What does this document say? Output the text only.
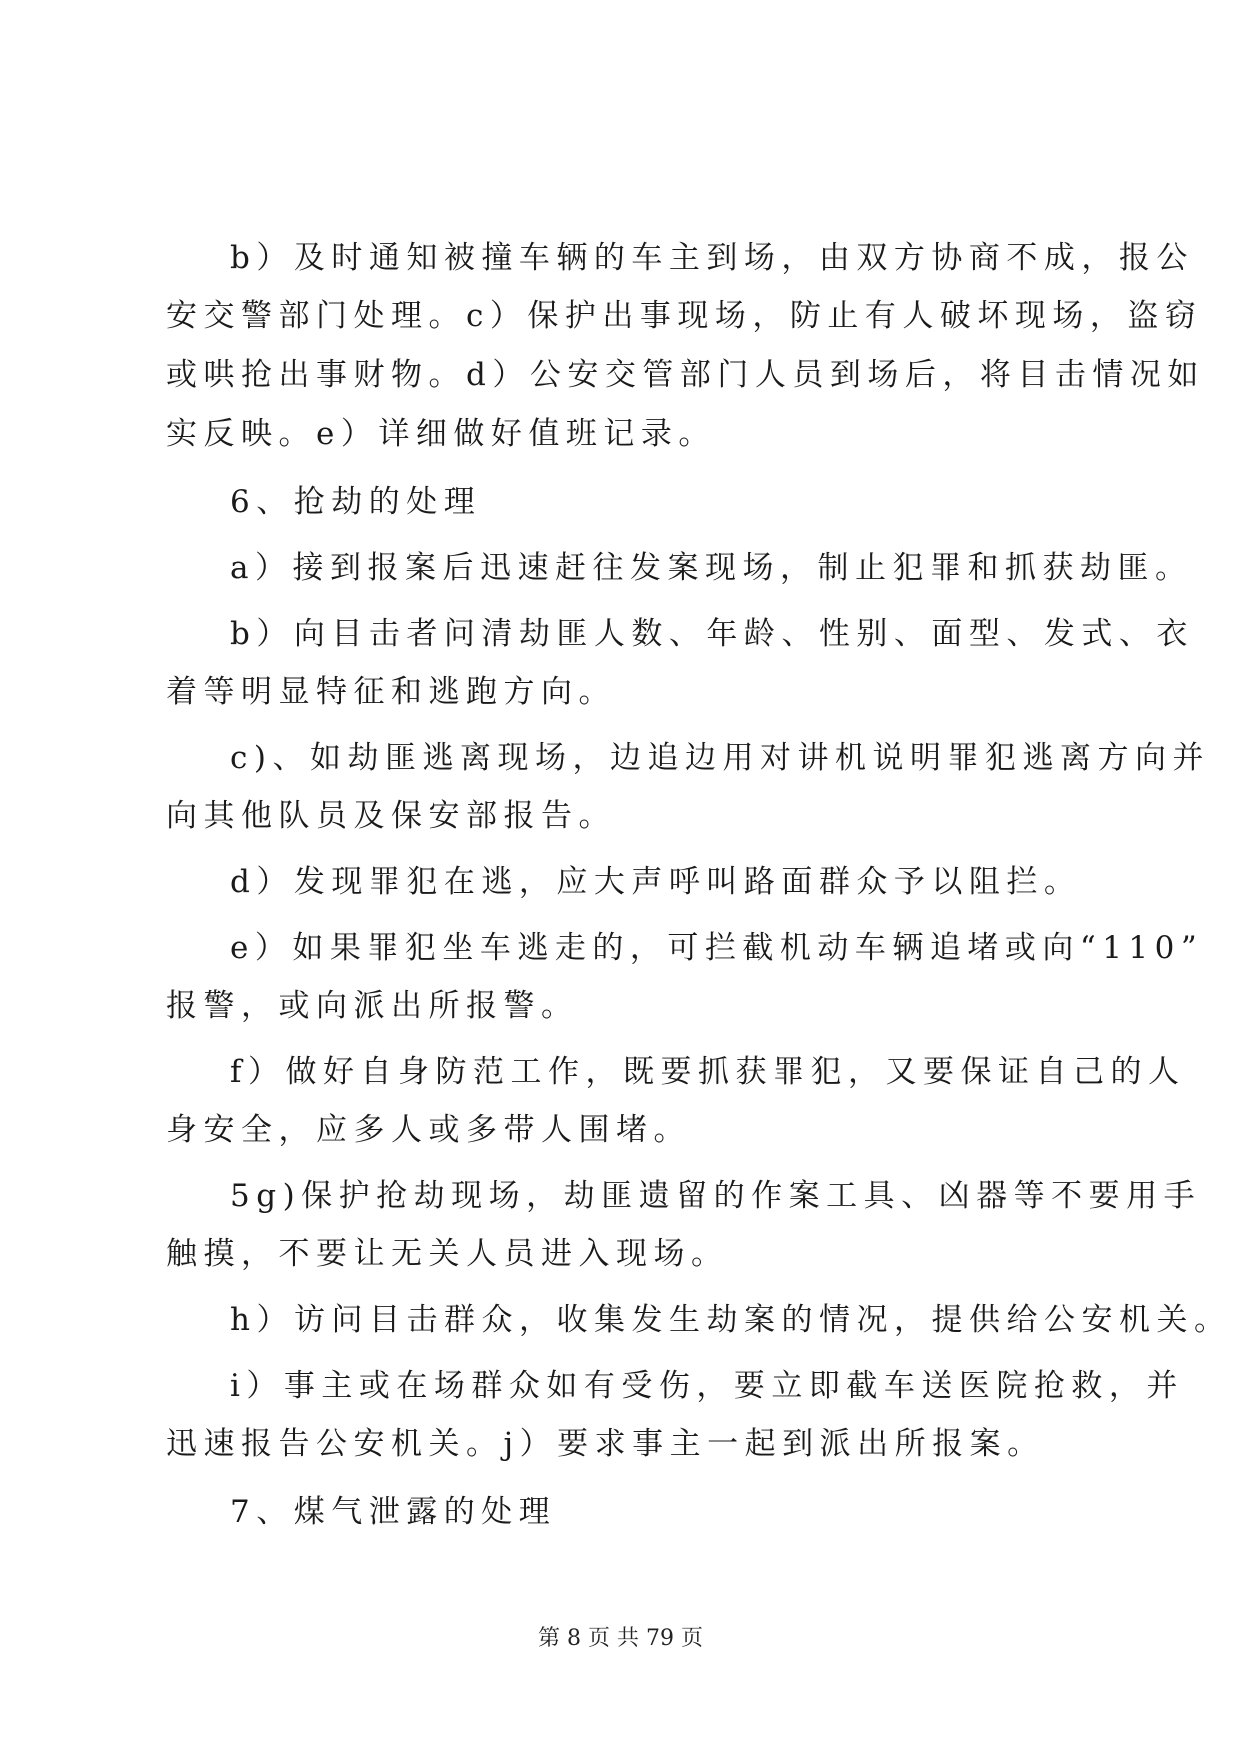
b）及时通知被撞车辆的车主到场，由双方协商不成，报公
安交警部门处理。c）保护出事现场，防止有人破坏现场，盗窃
或哄抢出事财物。d）公安交管部门人员到场后，将目击情况如
实反映。e）详细做好值班记录。
6、抢劫的处理
a）接到报案后迅速赶往发案现场，制止犯罪和抓获劫匪。
b）向目击者问清劫匪人数、年龄、性别、面型、发式、衣
着等明显特征和逃跑方向。
c)、如劫匪逃离现场，边追边用对讲机说明罪犯逃离方向并
向其他队员及保安部报告。
d）发现罪犯在逃，应大声呼叫路面群众予以阻拦。
e）如果罪犯坐车逃走的，可拦截机动车辆追堵或向“110”
报警，或向派出所报警。
f）做好自身防范工作，既要抓获罪犯，又要保证自己的人
身安全，应多人或多带人围堵。
5g)保护抢劫现场，劫匪遗留的作案工具、凶器等不要用手
触摸，不要让无关人员进入现场。
h）访问目击群众，收集发生劫案的情况，提供给公安机关。
i）事主或在场群众如有受伤，要立即截车送医院抢救，并
迅速报告公安机关。j）要求事主一起到派出所报案。
7、煤气泄露的处理
第 8 页 共 79 页
